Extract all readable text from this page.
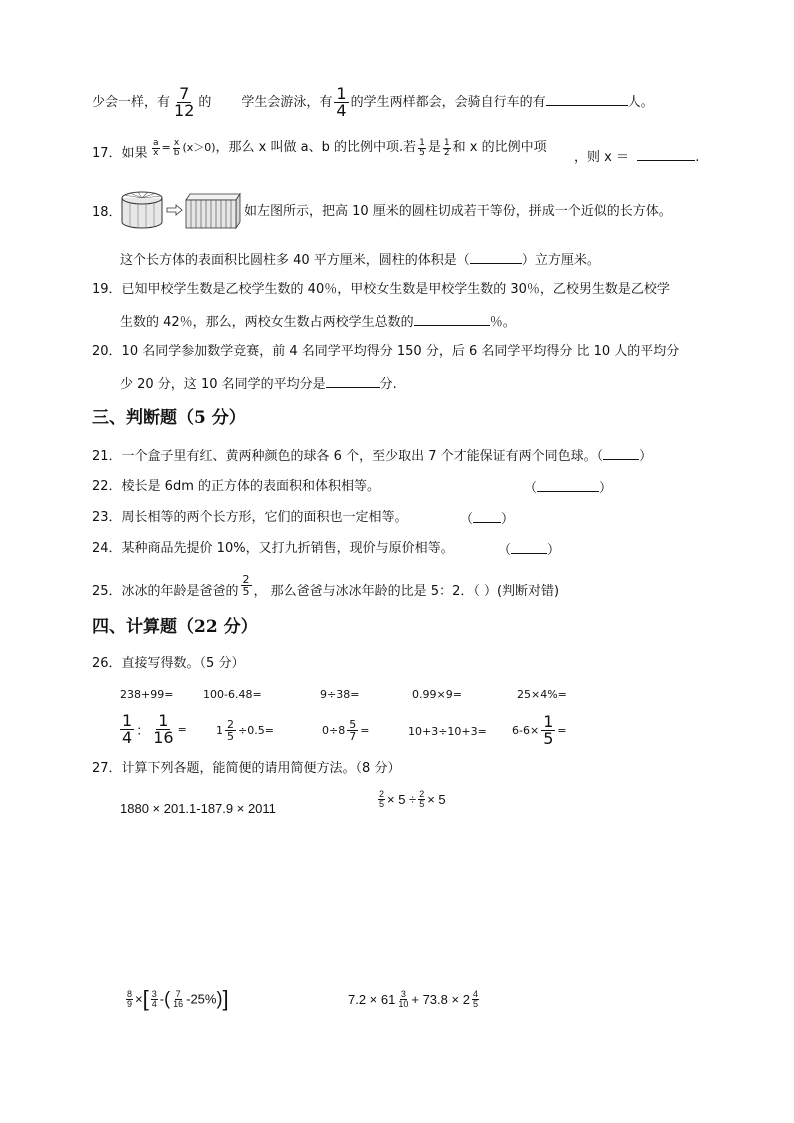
少会一样，有 $\frac{7}{12}$ 的 学生会游泳，有 $\frac{1}{4}$ 的学生两样都会，会骑自行车的有	人。
17．如果 $\frac{a}{x} = \frac{x}{b} (x>0)$，那么 x 叫做 a、b 的比例中项.若 $\frac{1}{5}$ 是 $\frac{1}{2}$ 和 x 的比例中项
，则 x ＝	.
18．	如左图所示，把高 10 厘米的圆柱切成若干等份，拼成一个近似的长方体。
这个长方体的表面积比圆柱多 40 平方厘米，圆柱的体积是（	）立方厘米。
19．已知甲校学生数是乙校学生数的 40％，甲校女生数是甲校学生数的 30％，乙校男生数是乙校学
生数的 42％，那么，两校女生数占两校学生总数的	％。
20．10 名同学参加数学竞赛，前 4 名同学平均得分 150 分，后 6 名同学平均得分 比 10 人的平均分
少 20 分，这 10 名同学的平均分是	分.
三、判断题（5 分）
21．一个盒子里有红、黄两种颜色的球各 6 个，至少取出 7 个才能保证有两个同色球。（	）
22．棱长是 6dm 的正方体的表面积和体积相等。	（	）
23．周长相等的两个长方形，它们的面积也一定相等。	（ ）
24．某种商品先提价 10%，又打九折销售，现价与原价相等。	（	）
25．冰冰的年龄是爸爸的 $\frac{2}{5}$ ， 那么爸爸与冰冰年龄的比是 5：2．（ ）(判断对错)
四、计算题（22 分）
26．直接写得数。（5 分）
238+99=	100-6.48=	9÷38=	0.99×9=	25×4%=
$\frac{1}{4}$ ： $\frac{1}{16}$ =	$1 \frac{2}{5} \div 0.5=$	$0\div 8 \frac{5}{7}$ =	$10+3\div 10+3= 6-6\times \frac{1}{5}$ =
27．计算下列各题，能简便的请用简便方法。（8 分）
1880 × 201.1-187.9 × 2011	$\frac{2}{5} \times 5 \div \frac{2}{5} \times 5$
$\frac{8}{9}$ ×[ $\frac{3}{4}$ -( $\frac{7}{16} -25\%$)]	$7.2 \times 61 \frac{3}{10} + 73.8 \times 2 \frac{4}{5}$
